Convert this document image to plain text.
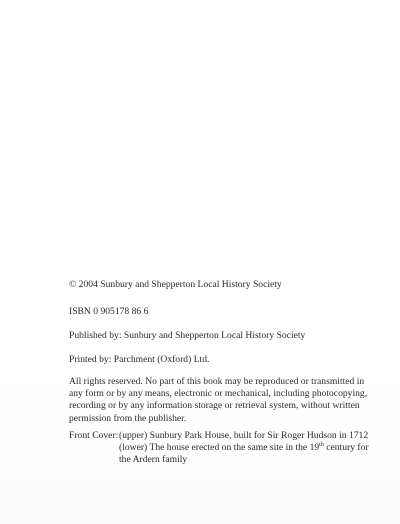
© 2004 Sunbury and Shepperton Local History Society
ISBN 0 905178 86 6
Published by: Sunbury and Shepperton Local History Society
Printed by: Parchment (Oxford) Ltd.
All rights reserved. No part of this book may be reproduced or transmitted in
any form or by any means, electronic or mechanical, including photocopying,
recording or by any information storage or retrieval system, without written
permission from the publisher.
Front Cover: (upper) Sunbury Park House, built for Sir Roger Hudson in 1712
(lower) The house erected on the same site in the 19th century for
the Ardern family
